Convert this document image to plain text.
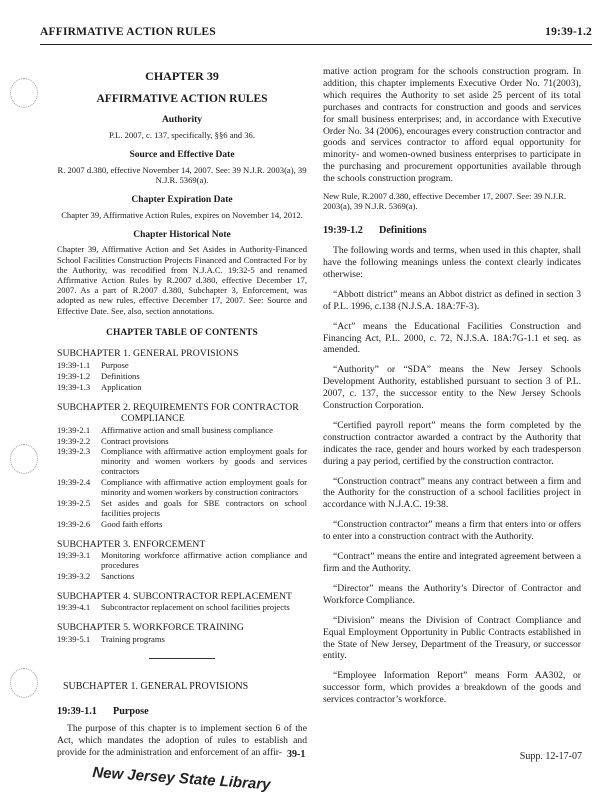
AFFIRMATIVE ACTION RULES	19:39-1.2
CHAPTER 39
AFFIRMATIVE ACTION RULES
Authority
P.L. 2007, c. 137, specifically, §§6 and 36.
Source and Effective Date
R. 2007 d.380, effective November 14, 2007. See: 39 N.J.R. 2003(a), 39 N.J.R. 5369(a).
Chapter Expiration Date
Chapter 39, Affirmative Action Rules, expires on November 14, 2012.
Chapter Historical Note
Chapter 39, Affirmative Action and Set Asides in Authority-Financed School Facilities Construction Projects Financed and Contracted For by the Authority, was recodified from N.J.A.C. 19:32-5 and renamed Affirmative Action Rules by R.2007 d.380, effective December 17, 2007. As a part of R.2007 d.380, Subchapter 3, Enforcement, was adopted as new rules, effective December 17, 2007. See: Source and Effective Date. See, also, section annotations.
CHAPTER TABLE OF CONTENTS
SUBCHAPTER 1. GENERAL PROVISIONS
19:39-1.1	Purpose
19:39-1.2	Definitions
19:39-1.3	Application
SUBCHAPTER 2. REQUIREMENTS FOR CONTRACTOR
COMPLIANCE
19:39-2.1	Affirmative action and small business compliance
19:39-2.2	Contract provisions
19:39-2.3	Compliance with affirmative action employment goals for minority and women workers by goods and services contractors
19:39-2.4	Compliance with affirmative action employment goals for minority and women workers by construction contractors
19:39-2.5	Set asides and goals for SBE contractors on school facilities projects
19:39-2.6	Good faith efforts
SUBCHAPTER 3. ENFORCEMENT
19:39-3.1	Monitoring workforce affirmative action compliance and procedures
19:39-3.2	Sanctions
SUBCHAPTER 4. SUBCONTRACTOR REPLACEMENT
19:39-4.1	Subcontractor replacement on school facilities projects
SUBCHAPTER 5. WORKFORCE TRAINING
19:39-5.1	Training programs
SUBCHAPTER 1. GENERAL PROVISIONS
19:39-1.1 Purpose
The purpose of this chapter is to implement section 6 of the Act, which mandates the adoption of rules to establish and provide for the administration and enforcement of an affir-
mative action program for the schools construction program. In addition, this chapter implements Executive Order No. 71(2003), which requires the Authority to set aside 25 percent of its total purchases and contracts for construction and goods and services for small business enterprises; and, in accordance with Executive Order No. 34 (2006), encourages every construction contractor and goods and services contractor to afford equal opportunity for minority- and women-owned business enterprises to participate in the purchasing and procurement opportunities available through the schools construction program.
New Rule, R.2007 d.380, effective December 17, 2007. See: 39 N.J.R. 2003(a), 39 N.J.R. 5369(a).
19:39-1.2 Definitions
The following words and terms, when used in this chapter, shall have the following meanings unless the context clearly indicates otherwise:
“Abbott district” means an Abbot district as defined in section 3 of P.L. 1996, c.138 (N.J.S.A. 18A:7F-3).
“Act” means the Educational Facilities Construction and Financing Act, P.L. 2000, c. 72, N.J.S.A. 18A:7G-1.1 et seq. as amended.
“Authority” or “SDA” means the New Jersey Schools Development Authority, established pursuant to section 3 of P.L. 2007, c. 137, the successor entity to the New Jersey Schools Construction Corporation.
“Certified payroll report” means the form completed by the construction contractor awarded a contract by the Authority that indicates the race, gender and hours worked by each tradesperson during a pay period, certified by the construction contractor.
“Construction contract” means any contract between a firm and the Authority for the construction of a school facilities project in accordance with N.J.A.C. 19:38.
“Construction contractor” means a firm that enters into or offers to enter into a construction contract with the Authority.
“Contract” means the entire and integrated agreement between a firm and the Authority.
“Director” means the Authority’s Director of Contractor and Workforce Compliance.
“Division” means the Division of Contract Compliance and Equal Employment Opportunity in Public Contracts established in the State of New Jersey, Department of the Treasury, or successor entity.
“Employee Information Report” means Form AA302, or successor form, which provides a breakdown of the goods and services contractor’s workforce.
39-1	Supp. 12-17-07
New Jersey State Library
